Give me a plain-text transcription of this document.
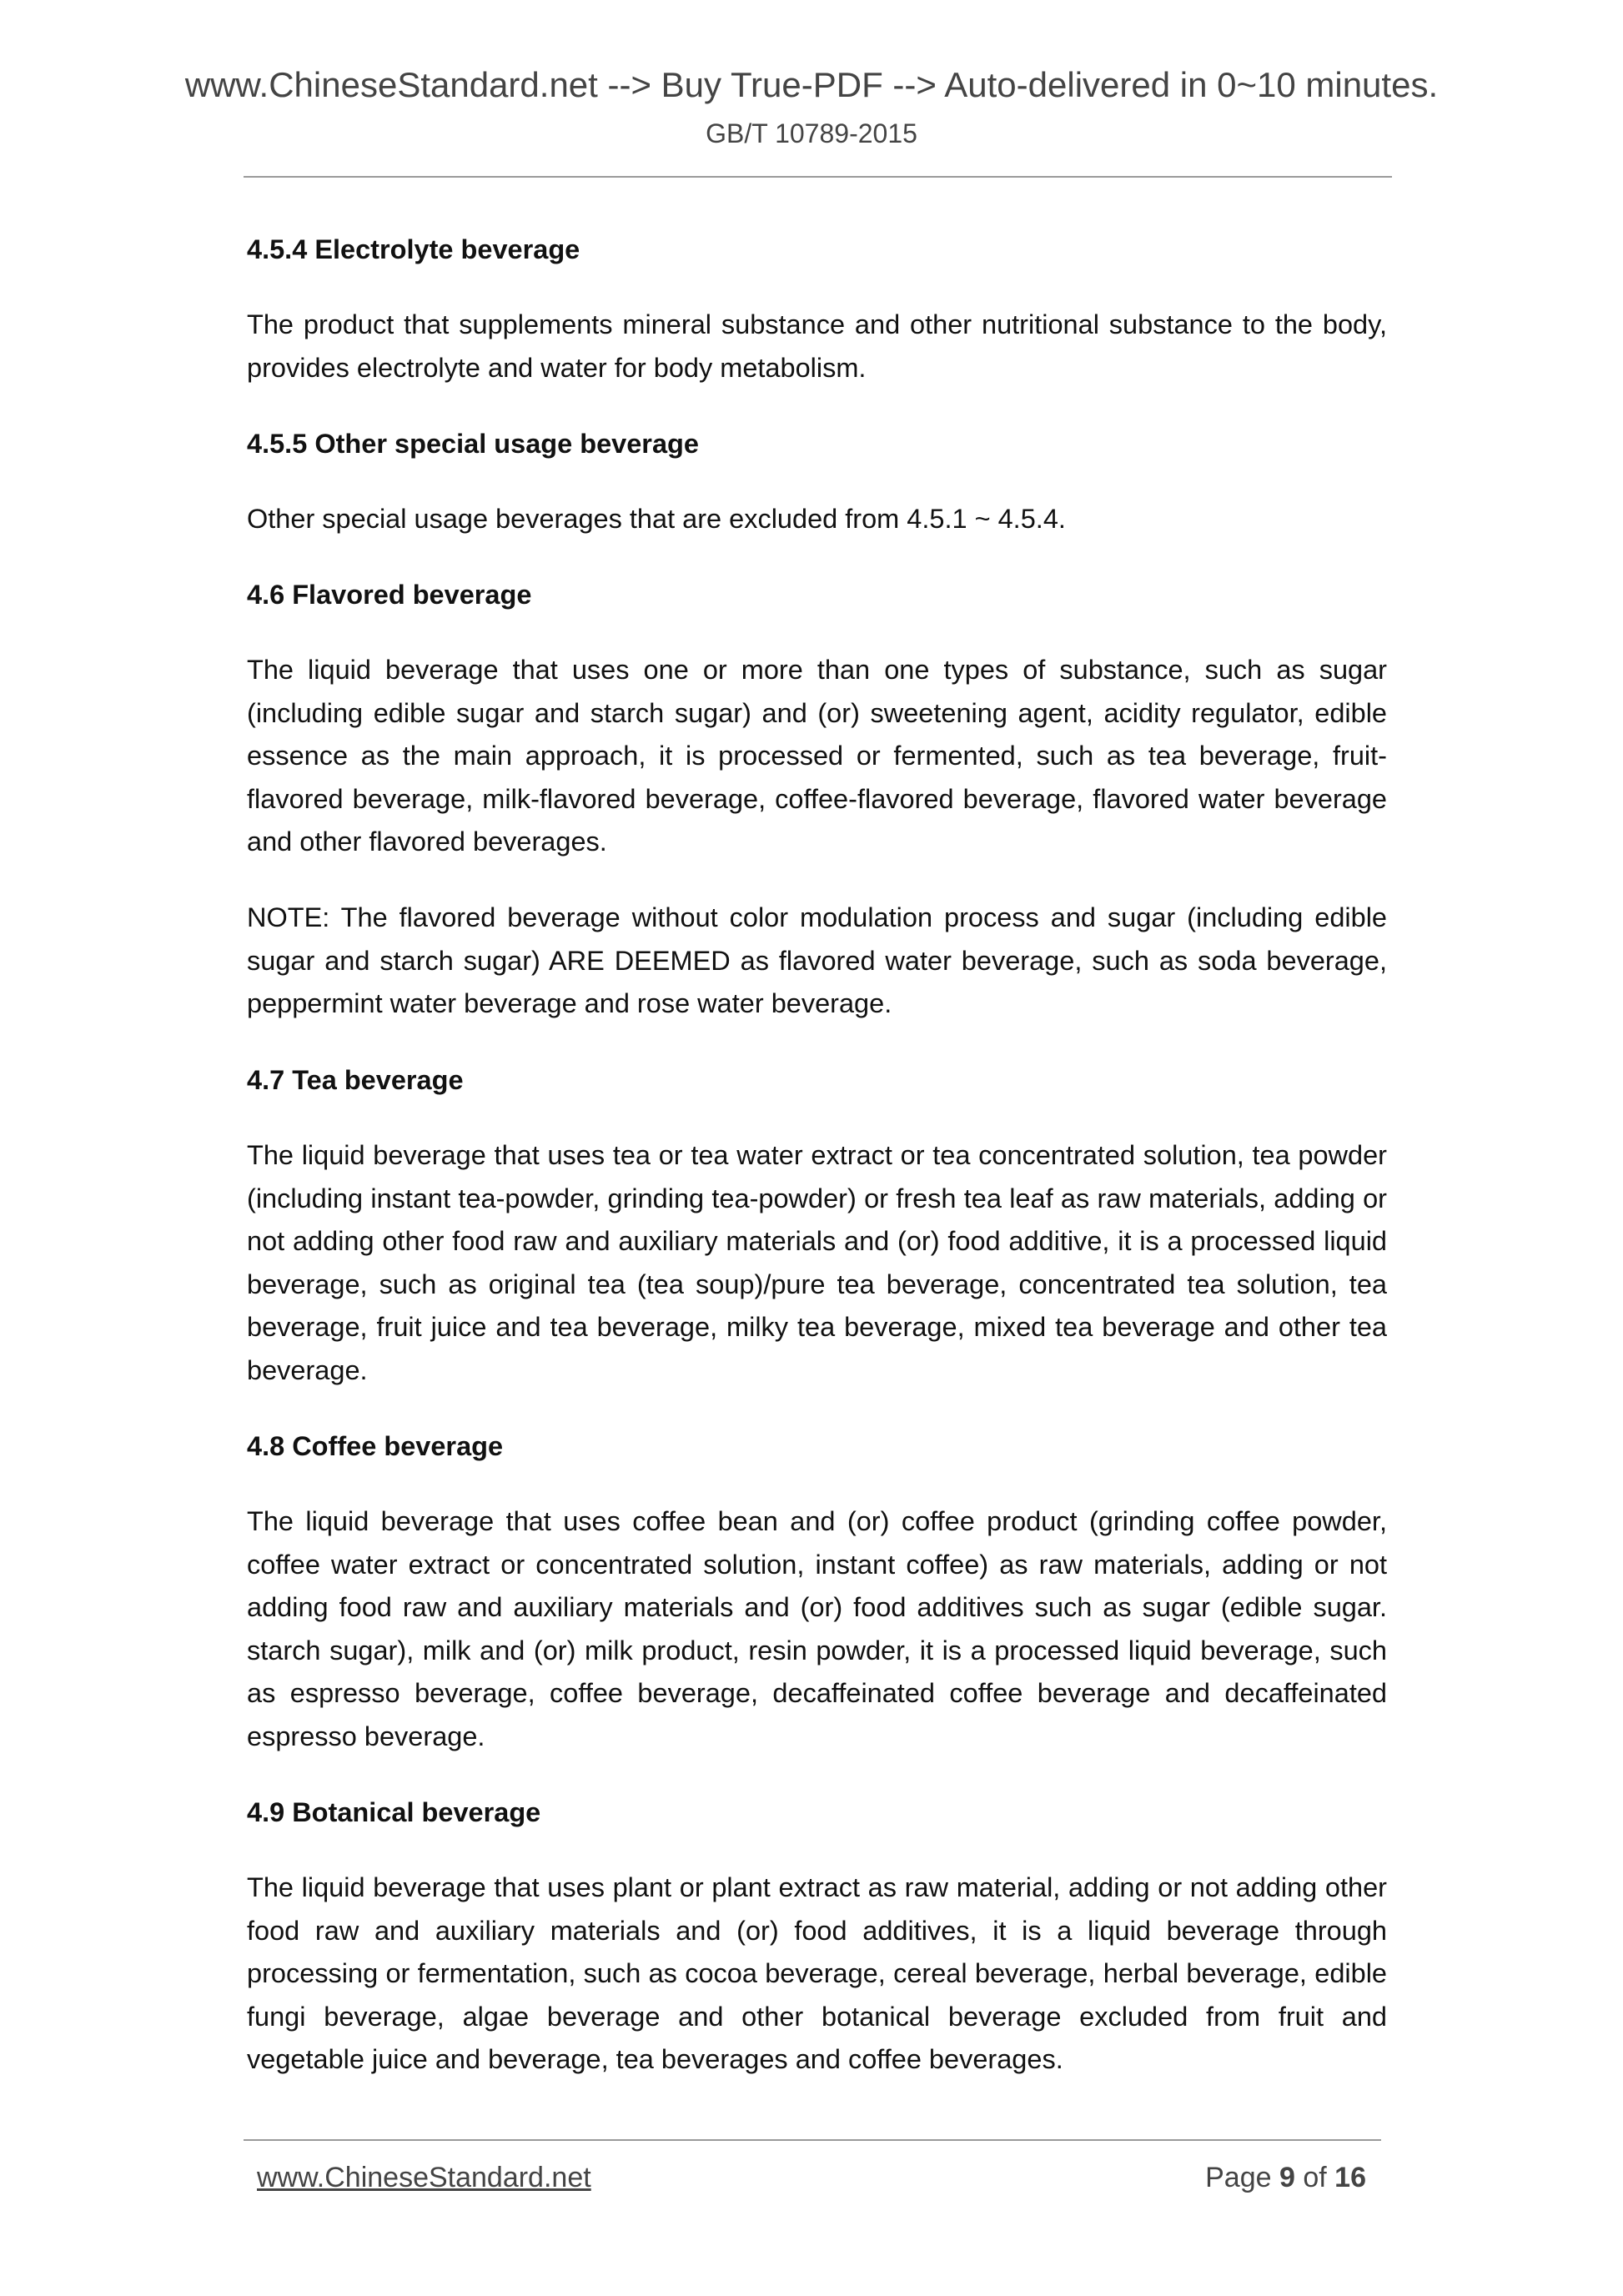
www.ChineseStandard.net --> Buy True-PDF --> Auto-delivered in 0~10 minutes.
GB/T 10789-2015
4.5.4 Electrolyte beverage
The product that supplements mineral substance and other nutritional substance to the body, provides electrolyte and water for body metabolism.
4.5.5 Other special usage beverage
Other special usage beverages that are excluded from 4.5.1 ~ 4.5.4.
4.6 Flavored beverage
The liquid beverage that uses one or more than one types of substance, such as sugar (including edible sugar and starch sugar) and (or) sweetening agent, acidity regulator, edible essence as the main approach, it is processed or fermented, such as tea beverage, fruit-flavored beverage, milk-flavored beverage, coffee-flavored beverage, flavored water beverage and other flavored beverages.
NOTE: The flavored beverage without color modulation process and sugar (including edible sugar and starch sugar) ARE DEEMED as flavored water beverage, such as soda beverage, peppermint water beverage and rose water beverage.
4.7 Tea beverage
The liquid beverage that uses tea or tea water extract or tea concentrated solution, tea powder (including instant tea-powder, grinding tea-powder) or fresh tea leaf as raw materials, adding or not adding other food raw and auxiliary materials and (or) food additive, it is a processed liquid beverage, such as original tea (tea soup)/pure tea beverage, concentrated tea solution, tea beverage, fruit juice and tea beverage, milky tea beverage, mixed tea beverage and other tea beverage.
4.8 Coffee beverage
The liquid beverage that uses coffee bean and (or) coffee product (grinding coffee powder, coffee water extract or concentrated solution, instant coffee) as raw materials, adding or not adding food raw and auxiliary materials and (or) food additives such as sugar (edible sugar. starch sugar), milk and (or) milk product, resin powder, it is a processed liquid beverage, such as espresso beverage, coffee beverage, decaffeinated coffee beverage and decaffeinated espresso beverage.
4.9 Botanical beverage
The liquid beverage that uses plant or plant extract as raw material, adding or not adding other food raw and auxiliary materials and (or) food additives, it is a liquid beverage through processing or fermentation, such as cocoa beverage, cereal beverage, herbal beverage, edible fungi beverage, algae beverage and other botanical beverage excluded from fruit and vegetable juice and beverage, tea beverages and coffee beverages.
www.ChineseStandard.net	Page 9 of 16
